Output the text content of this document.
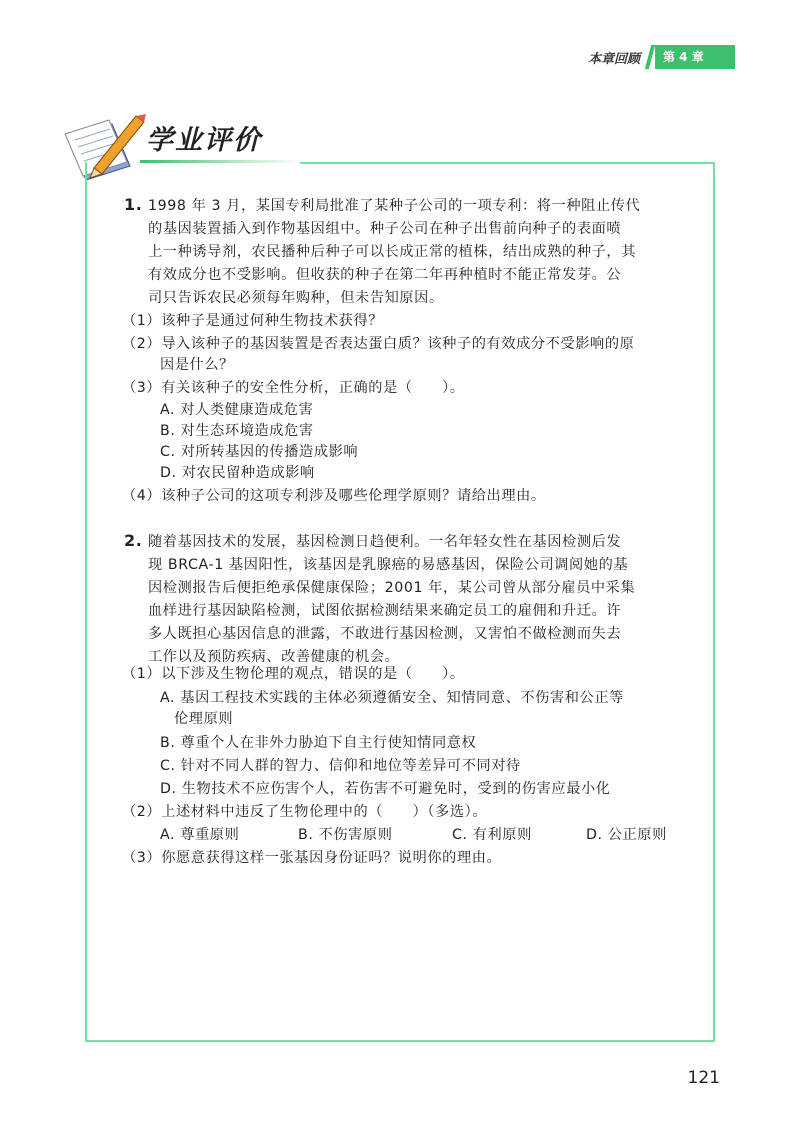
本章回顾	第 4 章
学业评价
1. 1998 年 3 月，某国专利局批准了某种子公司的一项专利：将一种阻止传代
的基因装置插入到作物基因组中。种子公司在种子出售前向种子的表面喷
上一种诱导剂，农民播种后种子可以长成正常的植株，结出成熟的种子，其
有效成分也不受影响。但收获的种子在第二年再种植时不能正常发芽。公
司只告诉农民必须每年购种，但未告知原因。
（1）该种子是通过何种生物技术获得？
（2）导入该种子的基因装置是否表达蛋白质？该种子的有效成分不受影响的原
因是什么？
（3）有关该种子的安全性分析，正确的是（　　）。
A. 对人类健康造成危害
B. 对生态环境造成危害
C. 对所转基因的传播造成影响
D. 对农民留种造成影响
（4）该种子公司的这项专利涉及哪些伦理学原则？请给出理由。
2. 随着基因技术的发展，基因检测日趋便利。一名年轻女性在基因检测后发
现 BRCA-1 基因阳性，该基因是乳腺癌的易感基因，保险公司调阅她的基
因检测报告后便拒绝承保健康保险；2001 年，某公司曾从部分雇员中采集
血样进行基因缺陷检测，试图依据检测结果来确定员工的雇佣和升迁。许
多人既担心基因信息的泄露，不敢进行基因检测，又害怕不做检测而失去
工作以及预防疾病、改善健康的机会。
（1）以下涉及生物伦理的观点，错误的是（　　）。
A. 基因工程技术实践的主体必须遵循安全、知情同意、不伤害和公正等
伦理原则
B. 尊重个人在非外力胁迫下自主行使知情同意权
C. 针对不同人群的智力、信仰和地位等差异可不同对待
D. 生物技术不应伤害个人，若伤害不可避免时，受到的伤害应最小化
（2）上述材料中违反了生物伦理中的（　　）（多选）。
A. 尊重原则	B. 不伤害原则	C. 有利原则	D. 公正原则
（3）你愿意获得这样一张基因身份证吗？说明你的理由。
121
